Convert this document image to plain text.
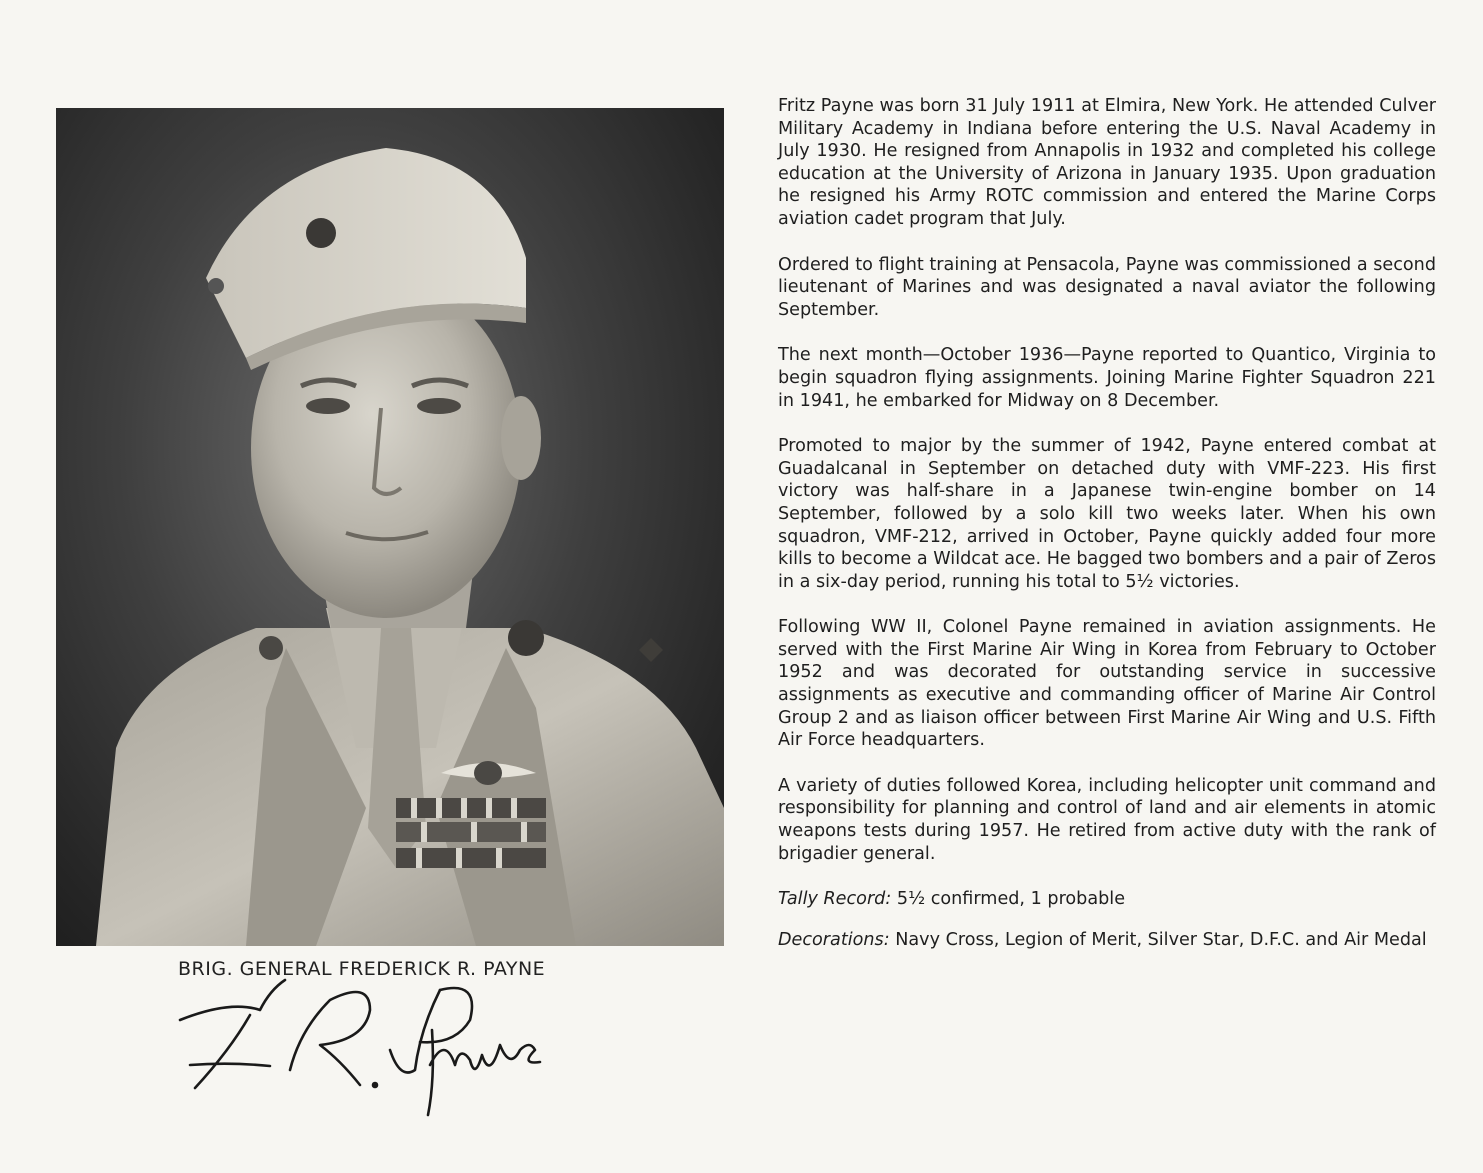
BRIG. GENERAL FREDERICK R. PAYNE

Fritz Payne was born 31 July 1911 at Elmira, New York. He attended Culver Military Academy in Indiana before entering the U.S. Naval Academy in July 1930. He resigned from Annapolis in 1932 and completed his college education at the University of Arizona in January 1935. Upon graduation he resigned his Army ROTC commission and entered the Marine Corps aviation cadet program that July.

Ordered to flight training at Pensacola, Payne was commissioned a second lieutenant of Marines and was designated a naval aviator the following September.

The next month—October 1936—Payne reported to Quantico, Virginia to begin squadron flying assignments. Joining Marine Fighter Squadron 221 in 1941, he embarked for Midway on 8 December.

Promoted to major by the summer of 1942, Payne entered combat at Guadalcanal in September on detached duty with VMF-223. His first victory was half-share in a Japanese twin-engine bomber on 14 September, followed by a solo kill two weeks later. When his own squadron, VMF-212, arrived in October, Payne quickly added four more kills to become a Wildcat ace. He bagged two bombers and a pair of Zeros in a six-day period, running his total to 5½ victories.

Following WW II, Colonel Payne remained in aviation assignments. He served with the First Marine Air Wing in Korea from February to October 1952 and was decorated for outstanding service in successive assignments as executive and commanding officer of Marine Air Control Group 2 and as liaison officer between First Marine Air Wing and U.S. Fifth Air Force headquarters.

A variety of duties followed Korea, including helicopter unit command and responsibility for planning and control of land and air elements in atomic weapons tests during 1957. He retired from active duty with the rank of brigadier general.

Tally Record: 5½ confirmed, 1 probable

Decorations: Navy Cross, Legion of Merit, Silver Star, D.F.C. and Air Medal
